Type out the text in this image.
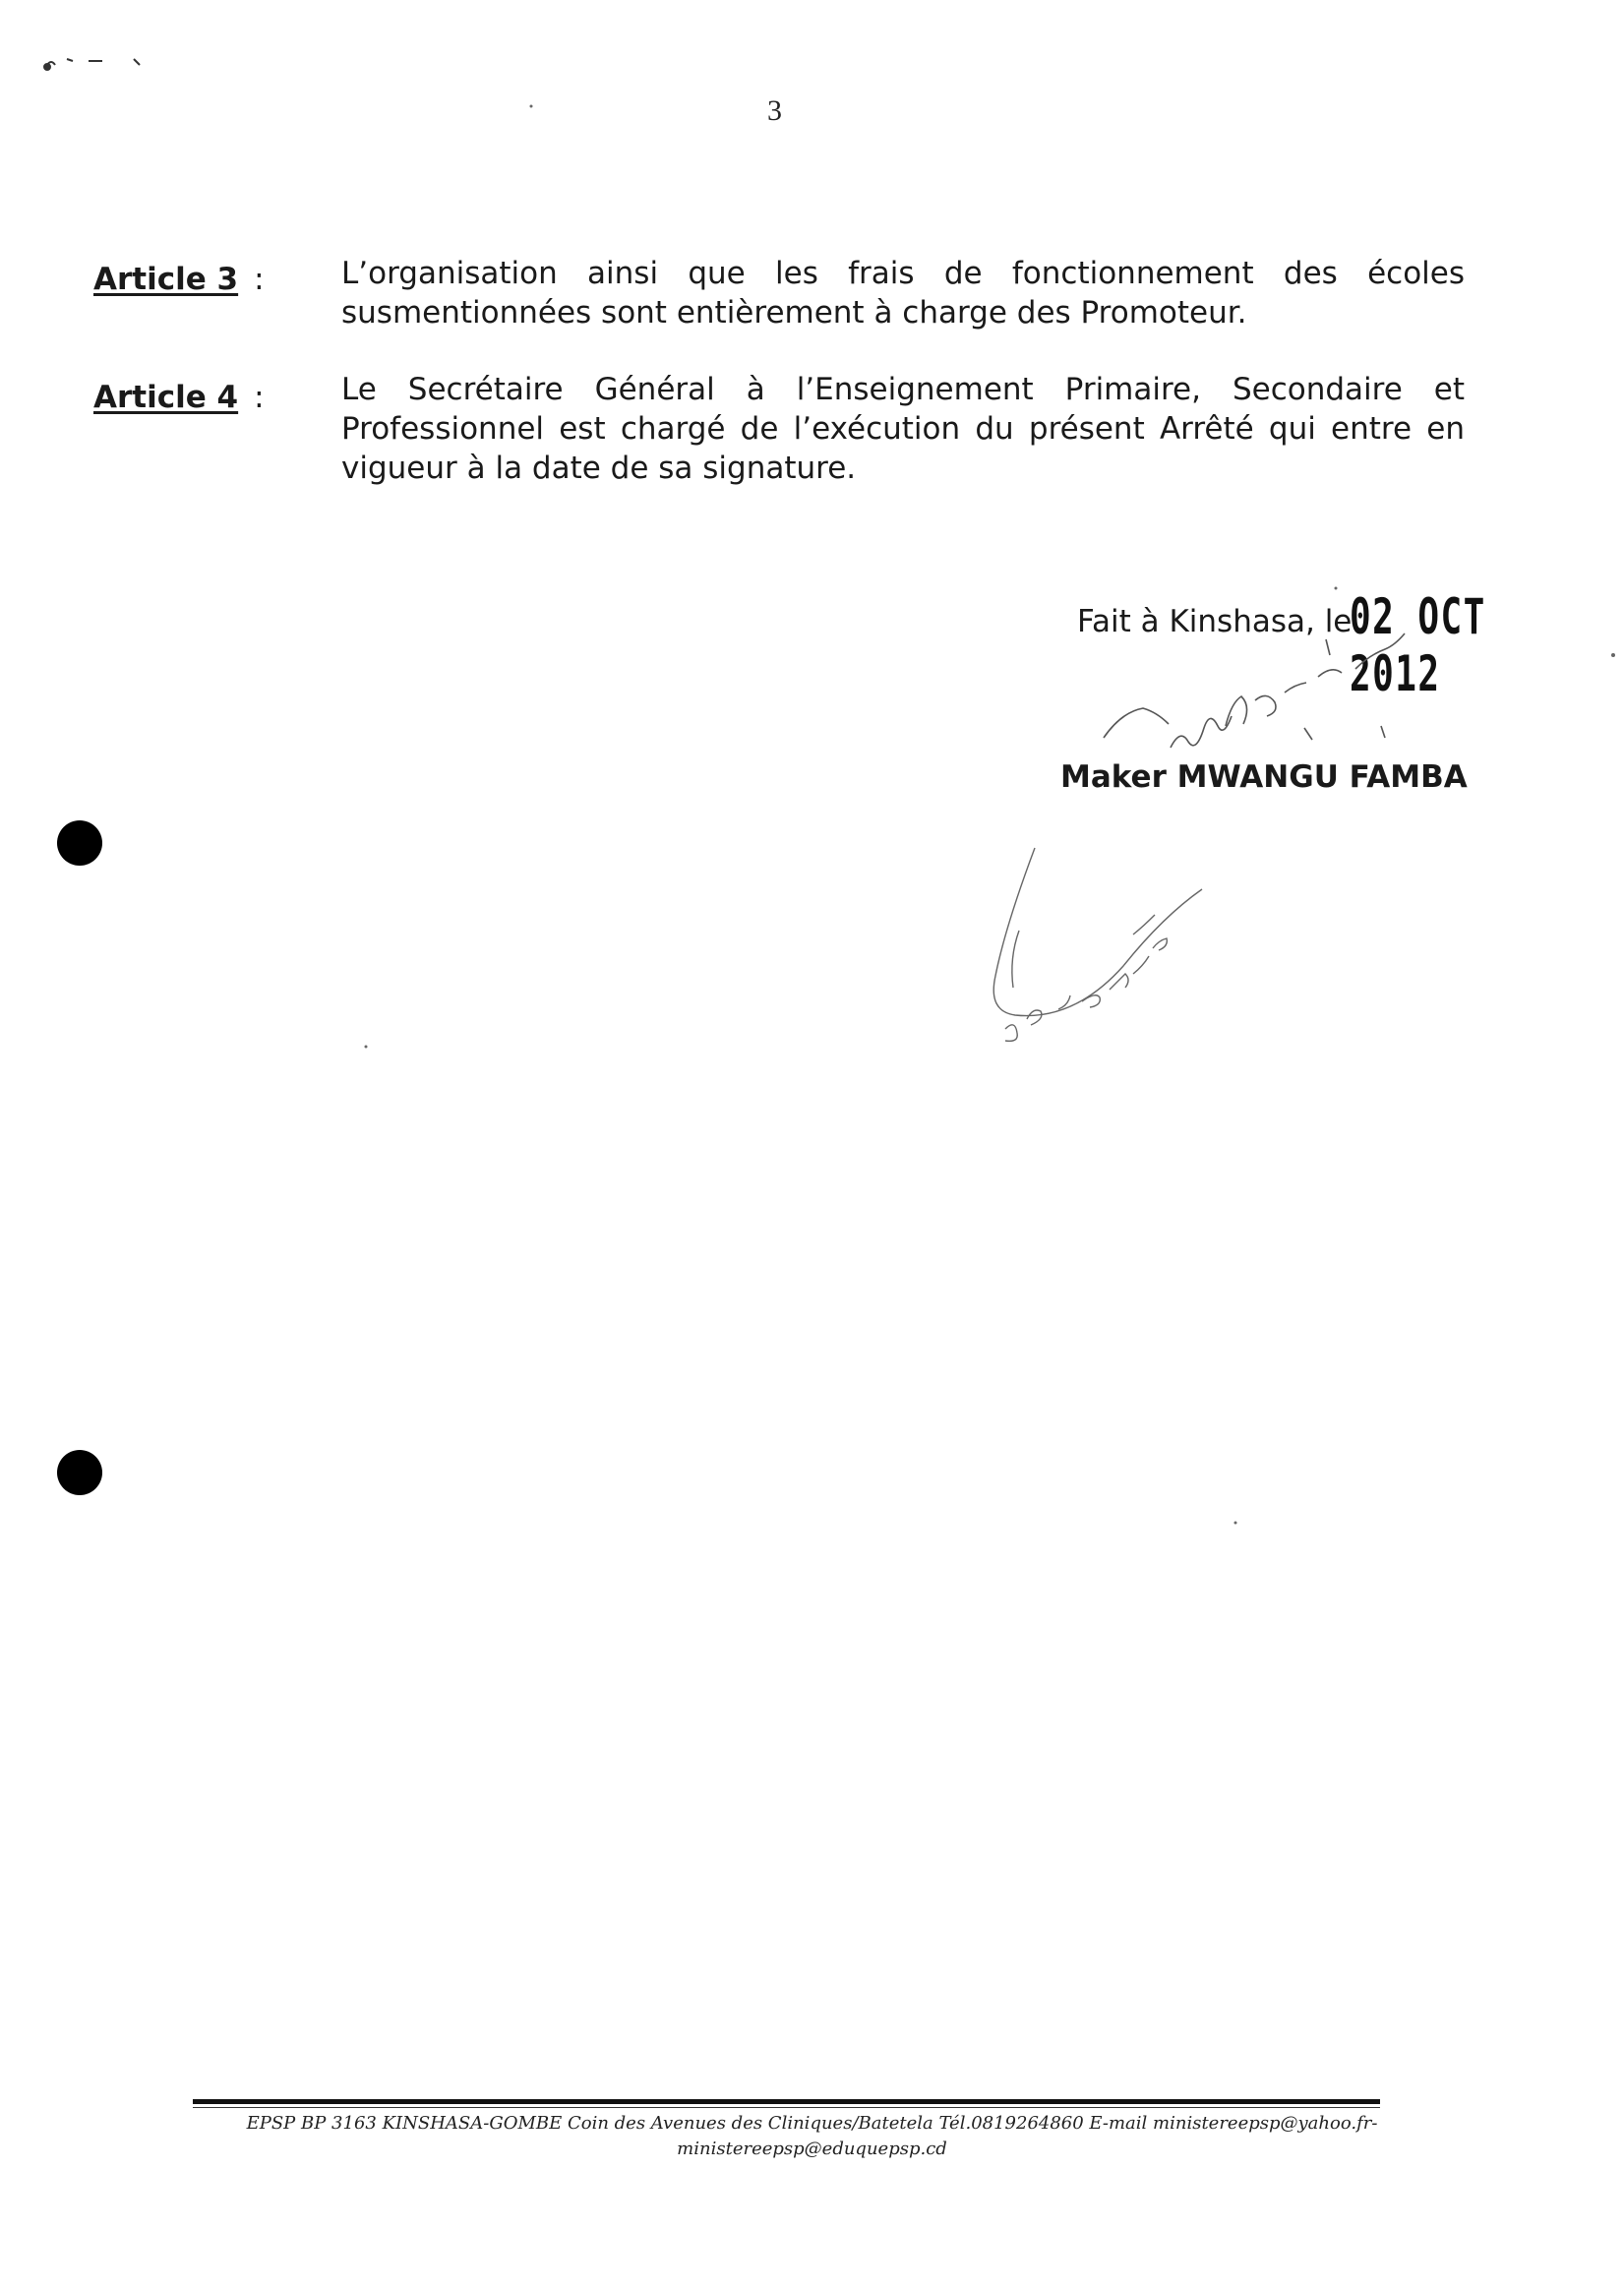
3
Article 3 :	L’organisation ainsi que les frais de fonctionnement des écoles susmentionnées sont entièrement à charge des Promoteur.
Article 4 :	Le Secrétaire Général à l’Enseignement Primaire, Secondaire et Professionnel est chargé de l’exécution du présent Arrêté qui entre en vigueur à la date de sa signature.
Fait à Kinshasa, le
02 OCT 2012
Maker MWANGU FAMBA
EPSP BP 3163 KINSHASA-GOMBE Coin des Avenues des Cliniques/Batetela Tél.0819264860 E-mail ministereepsp@yahoo.fr-
ministereepsp@eduquepsp.cd
